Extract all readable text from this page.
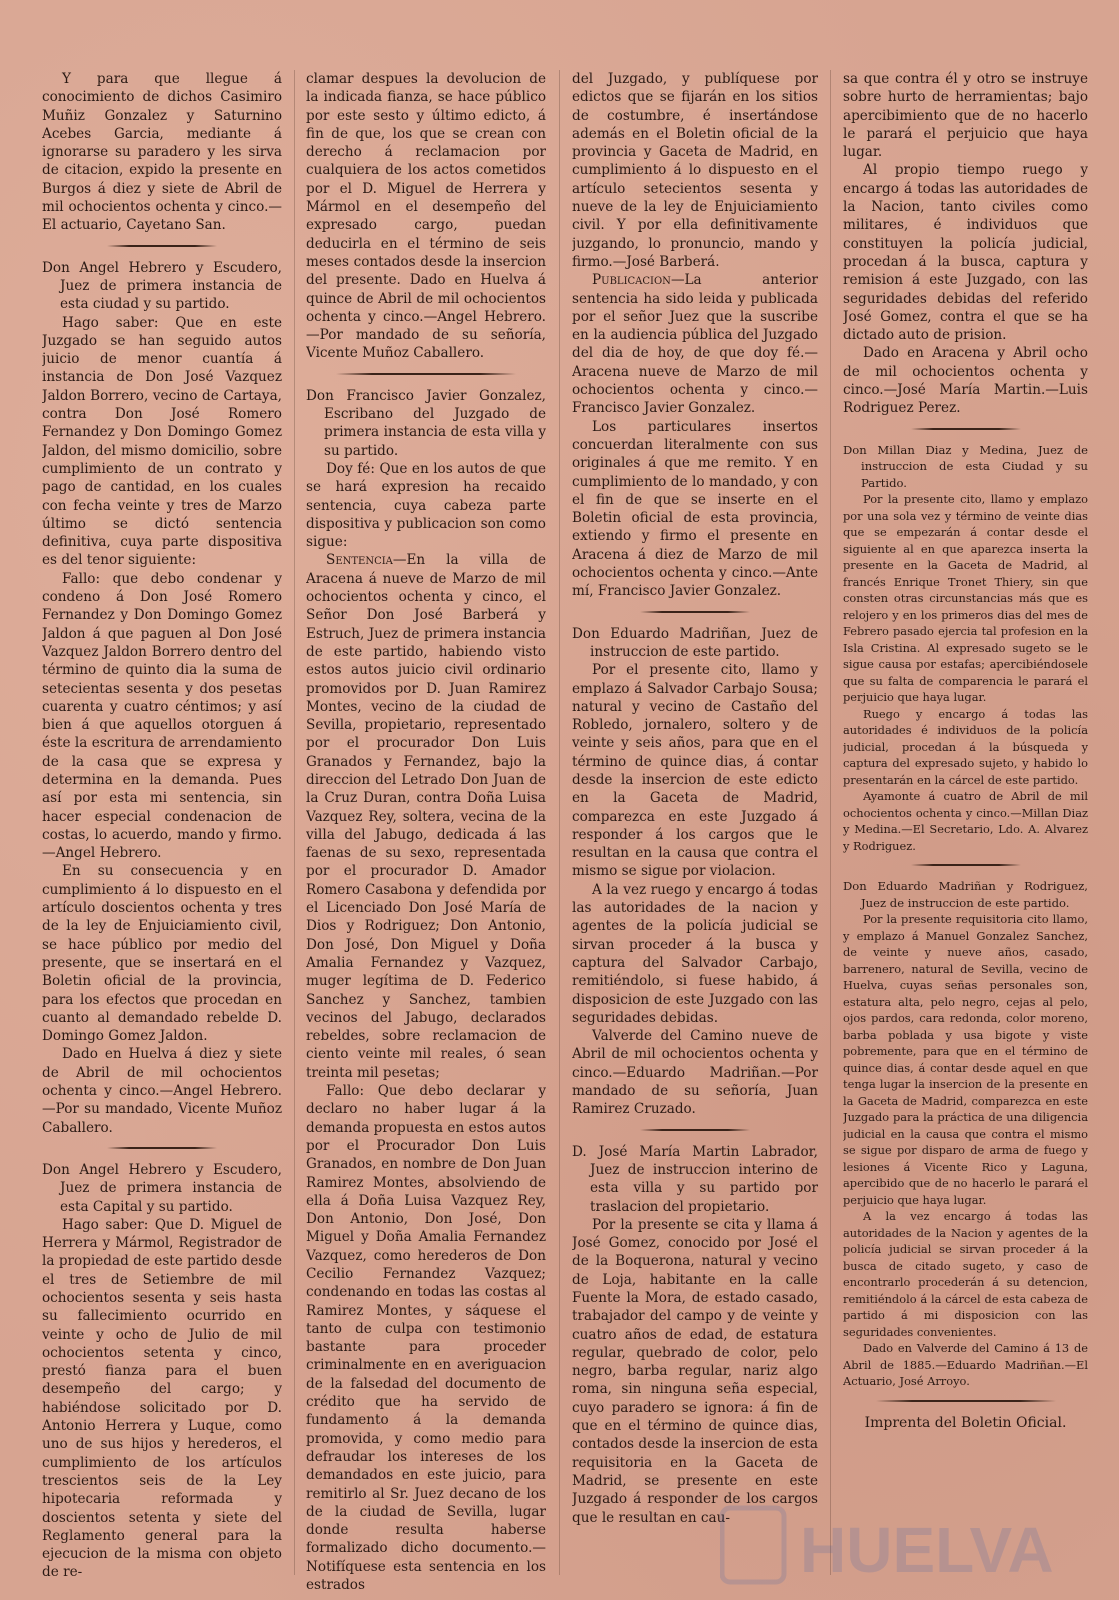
Y para que llegue á conocimiento de dichos Casimiro Muñiz Gonzalez y Saturnino Acebes Garcia, mediante á ignorarse su paradero y les sirva de citacion, expido la presente en Burgos á diez y siete de Abril de mil ochocientos ochenta y cinco.—El actuario, Cayetano San.

Don Angel Hebrero y Escudero, Juez de primera instancia de esta ciudad y su partido.

Hago saber: Que en este Juzgado se han seguido autos juicio de menor cuantía á instancia de Don José Vazquez Jaldon Borrero, vecino de Cartaya, contra Don José Romero Fernandez y Don Domingo Gomez Jaldon, del mismo domicilio, sobre cumplimiento de un contrato y pago de cantidad, en los cuales con fecha veinte y tres de Marzo último se dictó sentencia definitiva, cuya parte dispositiva es del tenor siguiente:

Fallo: que debo condenar y condeno á Don José Romero Fernandez y Don Domingo Gomez Jaldon á que paguen al Don José Vazquez Jaldon Borrero dentro del término de quinto dia la suma de setecientas sesenta y dos pesetas cuarenta y cuatro céntimos; y así bien á que aquellos otorguen á éste la escritura de arrendamiento de la casa que se expresa y determina en la demanda. Pues así por esta mi sentencia, sin hacer especial condenacion de costas, lo acuerdo, mando y firmo.—Angel Hebrero.

En su consecuencia y en cumplimiento á lo dispuesto en el artículo doscientos ochenta y tres de la ley de Enjuiciamiento civil, se hace público por medio del presente, que se insertará en el Boletin oficial de la provincia, para los efectos que procedan en cuanto al demandado rebelde D. Domingo Gomez Jaldon.

Dado en Huelva á diez y siete de Abril de mil ochocientos ochenta y cinco.—Angel Hebrero.—Por su mandado, Vicente Muñoz Caballero.

Don Angel Hebrero y Escudero, Juez de primera instancia de esta Capital y su partido.

Hago saber: Que D. Miguel de Herrera y Mármol, Registrador de la propiedad de este partido desde el tres de Setiembre de mil ochocientos sesenta y seis hasta su fallecimiento ocurrido en veinte y ocho de Julio de mil ochocientos setenta y cinco, prestó fianza para el buen desempeño del cargo; y habiéndose solicitado por D. Antonio Herrera y Luque, como uno de sus hijos y herederos, el cumplimiento de los artículos trescientos seis de la Ley hipotecaria reformada y doscientos setenta y siete del Reglamento general para la ejecucion de la misma con objeto de re-

clamar despues la devolucion de la indicada fianza, se hace público por este sesto y último edicto, á fin de que, los que se crean con derecho á reclamacion por cualquiera de los actos cometidos por el D. Miguel de Herrera y Mármol en el desempeño del expresado cargo, puedan deducirla en el término de seis meses contados desde la insercion del presente. Dado en Huelva á quince de Abril de mil ochocientos ochenta y cinco.—Angel Hebrero.—Por mandado de su señoría, Vicente Muñoz Caballero.

Don Francisco Javier Gonzalez, Escribano del Juzgado de primera instancia de esta villa y su partido.

Doy fé: Que en los autos de que se hará expresion ha recaido sentencia, cuya cabeza parte dispositiva y publicacion son como sigue:

Sentencia—En la villa de Aracena á nueve de Marzo de mil ochocientos ochenta y cinco, el Señor Don José Barberá y Estruch, Juez de primera instancia de este partido, habiendo visto estos autos juicio civil ordinario promovidos por D. Juan Ramirez Montes, vecino de la ciudad de Sevilla, propietario, representado por el procurador Don Luis Granados y Fernandez, bajo la direccion del Letrado Don Juan de la Cruz Duran, contra Doña Luisa Vazquez Rey, soltera, vecina de la villa del Jabugo, dedicada á las faenas de su sexo, representada por el procurador D. Amador Romero Casabona y defendida por el Licenciado Don José María de Dios y Rodriguez; Don Antonio, Don José, Don Miguel y Doña Amalia Fernandez y Vazquez, muger legítima de D. Federico Sanchez y Sanchez, tambien vecinos del Jabugo, declarados rebeldes, sobre reclamacion de ciento veinte mil reales, ó sean treinta mil pesetas;

Fallo: Que debo declarar y declaro no haber lugar á la demanda propuesta en estos autos por el Procurador Don Luis Granados, en nombre de Don Juan Ramirez Montes, absolviendo de ella á Doña Luisa Vazquez Rey, Don Antonio, Don José, Don Miguel y Doña Amalia Fernandez Vazquez, como herederos de Don Cecilio Fernandez Vazquez; condenando en todas las costas al Ramirez Montes, y sáquese el tanto de culpa con testimonio bastante para proceder criminalmente en en averiguacion de la falsedad del documento de crédito que ha servido de fundamento á la demanda promovida, y como medio para defraudar los intereses de los demandados en este juicio, para remitirlo al Sr. Juez decano de los de la ciudad de Sevilla, lugar donde resulta haberse formalizado dicho documento.—Notifíquese esta sentencia en los estrados

del Juzgado, y publíquese por edictos que se fijarán en los sitios de costumbre, é insertándose además en el Boletin oficial de la provincia y Gaceta de Madrid, en cumplimiento á lo dispuesto en el artículo setecientos sesenta y nueve de la ley de Enjuiciamiento civil. Y por ella definitivamente juzgando, lo pronuncio, mando y firmo.—José Barberá.

Publicacion—La anterior sentencia ha sido leida y publicada por el señor Juez que la suscribe en la audiencia pública del Juzgado del dia de hoy, de que doy fé.—Aracena nueve de Marzo de mil ochocientos ochenta y cinco.—Francisco Javier Gonzalez.

Los particulares insertos concuerdan literalmente con sus originales á que me remito. Y en cumplimiento de lo mandado, y con el fin de que se inserte en el Boletin oficial de esta provincia, extiendo y firmo el presente en Aracena á diez de Marzo de mil ochocientos ochenta y cinco.—Ante mí, Francisco Javier Gonzalez.

Don Eduardo Madriñan, Juez de instruccion de este partido.

Por el presente cito, llamo y emplazo á Salvador Carbajo Sousa; natural y vecino de Castaño del Robledo, jornalero, soltero y de veinte y seis años, para que en el término de quince dias, á contar desde la insercion de este edicto en la Gaceta de Madrid, comparezca en este Juzgado á responder á los cargos que le resultan en la causa que contra el mismo se sigue por violacion.

A la vez ruego y encargo á todas las autoridades de la nacion y agentes de la policía judicial se sirvan proceder á la busca y captura del Salvador Carbajo, remitiéndolo, si fuese habido, á disposicion de este Juzgado con las seguridades debidas.

Valverde del Camino nueve de Abril de mil ochocientos ochenta y cinco.—Eduardo Madriñan.—Por mandado de su señoría, Juan Ramirez Cruzado.

D. José María Martin Labrador, Juez de instruccion interino de esta villa y su partido por traslacion del propietario.

Por la presente se cita y llama á José Gomez, conocido por José el de la Boquerona, natural y vecino de Loja, habitante en la calle Fuente la Mora, de estado casado, trabajador del campo y de veinte y cuatro años de edad, de estatura regular, quebrado de color, pelo negro, barba regular, nariz algo roma, sin ninguna seña especial, cuyo paradero se ignora: á fin de que en el término de quince dias, contados desde la insercion de esta requisitoria en la Gaceta de Madrid, se presente en este Juzgado á responder de los cargos que le resultan en cau-

sa que contra él y otro se instruye sobre hurto de herramientas; bajo apercibimiento que de no hacerlo le parará el perjuicio que haya lugar.

Al propio tiempo ruego y encargo á todas las autoridades de la Nacion, tanto civiles como militares, é individuos que constituyen la policía judicial, procedan á la busca, captura y remision á este Juzgado, con las seguridades debidas del referido José Gomez, contra el que se ha dictado auto de prision.

Dado en Aracena y Abril ocho de mil ochocientos ochenta y cinco.—José María Martin.—Luis Rodriguez Perez.

Don Millan Diaz y Medina, Juez de instruccion de esta Ciudad y su Partido.

Por la presente cito, llamo y emplazo por una sola vez y término de veinte dias que se empezarán á contar desde el siguiente al en que aparezca inserta la presente en la Gaceta de Madrid, al francés Enrique Tronet Thiery, sin que consten otras circunstancias más que es relojero y en los primeros dias del mes de Febrero pasado ejercia tal profesion en la Isla Cristina. Al expresado sugeto se le sigue causa por estafas; apercibiéndosele que su falta de comparencia le parará el perjuicio que haya lugar.

Ruego y encargo á todas las autoridades é individuos de la policía judicial, procedan á la búsqueda y captura del expresado sujeto, y habido lo presentarán en la cárcel de este partido.

Ayamonte á cuatro de Abril de mil ochocientos ochenta y cinco.—Millan Diaz y Medina.—El Secretario, Ldo. A. Alvarez y Rodriguez.

Don Eduardo Madriñan y Rodriguez, Juez de instruccion de este partido.

Por la presente requisitoria cito llamo, y emplazo á Manuel Gonzalez Sanchez, de veinte y nueve años, casado, barrenero, natural de Sevilla, vecino de Huelva, cuyas señas personales son, estatura alta, pelo negro, cejas al pelo, ojos pardos, cara redonda, color moreno, barba poblada y usa bigote y viste pobremente, para que en el término de quince dias, á contar desde aquel en que tenga lugar la insercion de la presente en la Gaceta de Madrid, comparezca en este Juzgado para la práctica de una diligencia judicial en la causa que contra el mismo se sigue por disparo de arma de fuego y lesiones á Vicente Rico y Laguna, apercibido que de no hacerlo le parará el perjuicio que haya lugar.

A la vez encargo á todas las autoridades de la Nacion y agentes de la policía judicial se sirvan proceder á la busca de citado sugeto, y caso de encontrarlo procederán á su detencion, remitiéndolo á la cárcel de esta cabeza de partido á mi disposicion con las seguridades convenientes.

Dado en Valverde del Camino á 13 de Abril de 1885.—Eduardo Madriñan.—El Actuario, José Arroyo.

Imprenta del Boletin Oficial.

HUELVA
